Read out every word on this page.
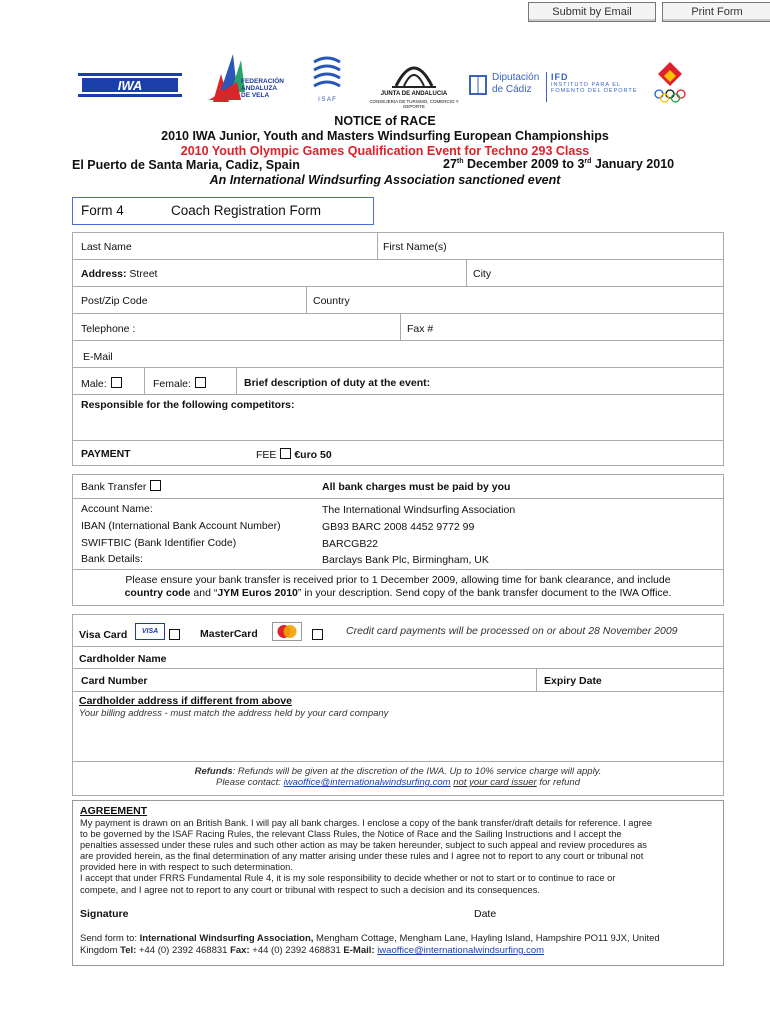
Submit by Email	Print Form
IWA	FEDERACIÓN
ANDALUZA
DE VELA
I S A F
JUNTA DE ANDALUCIA
CONSEJERIA DE TURISMO, COMERCIO Y DEPORTE
Diputación
de Cádiz
IFD
INSTITUTO PARA EL
FOMENTO DEL DEPORTE
NOTICE of RACE
2010 IWA Junior, Youth and Masters Windsurfing European Championships
2010 Youth Olympic Games Qualification Event for Techno 293 Class
El Puerto de Santa Maria, Cadiz, Spain	27th December 2009 to 3rd January 2010
An International Windsurfing Association sanctioned event
Form 4	Coach Registration Form
Last Name	First Name(s)
Address: Street	City
Post/Zip Code	Country
Telephone :	Fax #
E-Mail
Male:	Female:	Brief description of duty at the event:
Responsible for the following competitors:
PAYMENT	FEE €uro 50
Bank Transfer	All bank charges must be paid by you
Account Name:	The International Windsurfing Association
IBAN (International Bank Account Number)	GB93 BARC 2008 4452 9772 99
SWIFTBIC (Bank Identifier Code)	BARCGB22
Bank Details:	Barclays Bank Plc, Birmingham, UK
Please ensure your bank transfer is received prior to 1 December 2009, allowing time for bank clearance, and include
country code and “JYM Euros 2010” in your description. Send copy of the bank transfer document to the IWA Office.
Visa Card	VISA	MasterCard	Credit card payments will be processed on or about 28 November 2009
Cardholder Name
Card Number	Expiry Date
Cardholder address if different from above
Your billing address - must match the address held by your card company
Refunds: Refunds will be given at the discretion of the IWA. Up to 10% service charge will apply.
Please contact: iwaoffice@internationalwindsurfing.com not your card issuer for refund
AGREEMENT
My payment is drawn on an British Bank. I will pay all bank charges. I enclose a copy of the bank transfer/draft details for reference. I agree
to be governed by the ISAF Racing Rules, the relevant Class Rules, the Notice of Race and the Sailing Instructions and I accept the
penalties assessed under these rules and such other action as may be taken hereunder, subject to such appeal and review procedures as
are provided herein, as the final determination of any matter arising under these rules and I agree not to report to any court or tribunal not
provided here in with respect to such determination.
I accept that under FRRS Fundamental Rule 4, it is my sole responsibility to decide whether or not to start or to continue to race or
compete, and I agree not to report to any court or tribunal with respect to such a decision and its consequences.
Signature	Date
Send form to: International Windsurfing Association, Mengham Cottage, Mengham Lane, Hayling Island, Hampshire PO11 9JX, United
Kingdom Tel: +44 (0) 2392 468831 Fax: +44 (0) 2392 468831 E-Mail: iwaoffice@internationalwindsurfing.com
